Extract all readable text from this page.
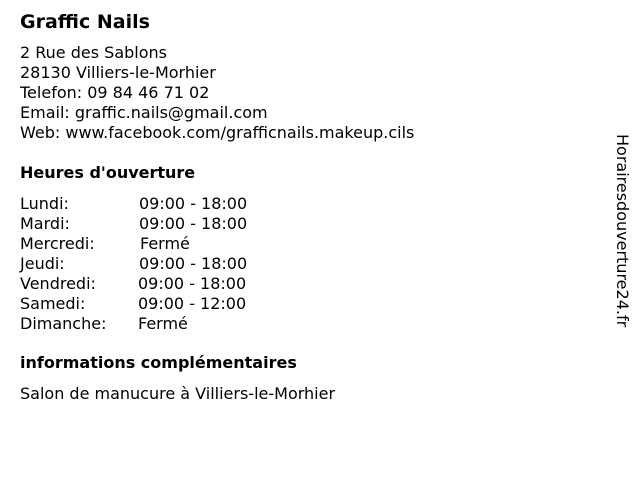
Graffic Nails
2 Rue des Sablons
28130 Villiers-le-Morhier
Telefon: 09 84 46 71 02
Email: graffic.nails@gmail.com
Web: www.facebook.com/grafficnails.makeup.cils
Heures d'ouverture
Lundi:	09:00 - 18:00
Mardi:	09:00 - 18:00
Mercredi:	Fermé
Jeudi:	09:00 - 18:00
Vendredi:	09:00 - 18:00
Samedi:	09:00 - 12:00
Dimanche: Fermé
informations complémentaires
Salon de manucure à Villiers-le-Morhier
Horairesdouverture24.fr
